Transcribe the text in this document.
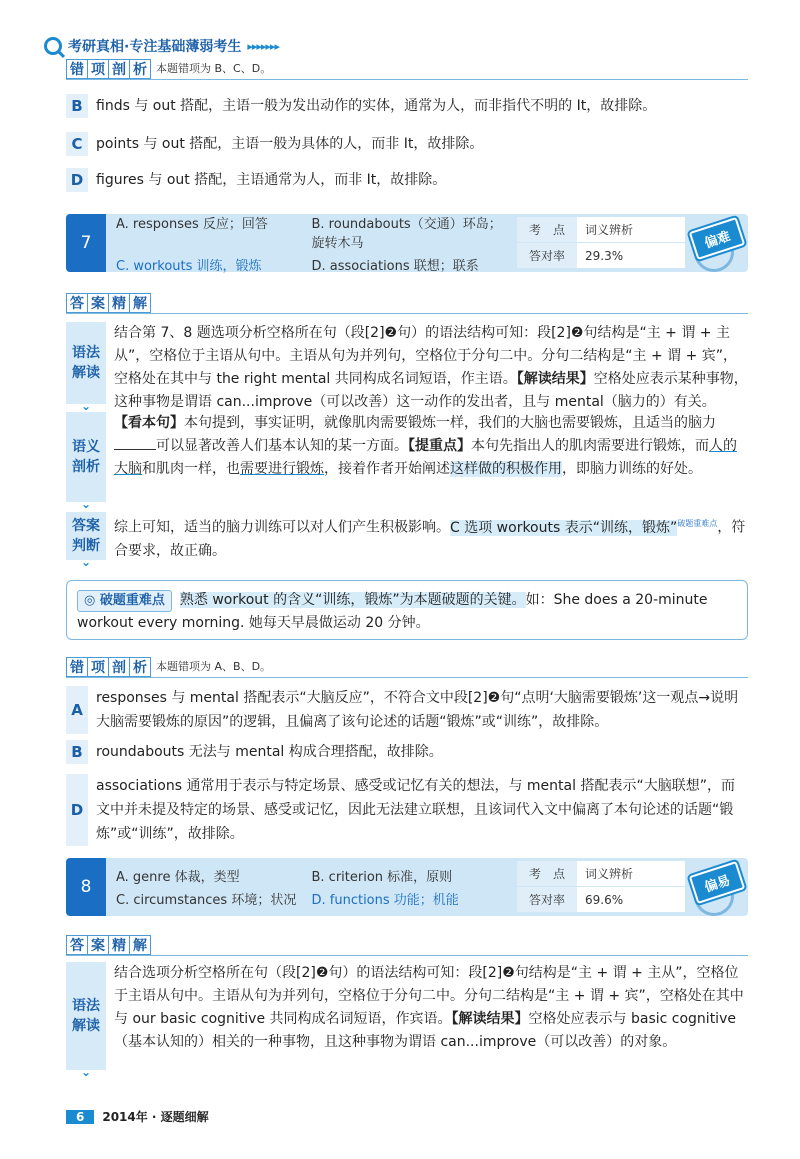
考研真相·专注基础薄弱考生 ▸▸▸▸▸▸▸
错 项 剖 析 本题错项为 B、C、D。
B finds 与 out 搭配，主语一般为发出动作的实体，通常为人，而非指代不明的 It，故排除。
C points 与 out 搭配，主语一般为具体的人，而非 It，故排除。
D figures 与 out 搭配，主语通常为人，而非 It，故排除。
7
A. responses 反应；回答	B. roundabouts（交通）环岛；旋转木马
C. workouts 训练，锻炼	D. associations 联想；联系
考　点	词义辨析
答对率	29.3%
偏难
答 案 精 解
语法
解读
⌄
结合第 7、8 题选项分析空格所在句（段[2]❷句）的语法结构可知：段[2]❷句结构是“主 + 谓 + 主从”，空格位于主语从句中。主语从句为并列句，空格位于分句二中。分句二结构是“主 + 谓 + 宾”，空格处在其中与 the right mental 共同构成名词短语，作主语。【解读结果】空格处应表示某种事物，这种事物是谓语 can...improve（可以改善）这一动作的发出者，且与 mental（脑力的）有关。
语义
剖析
⌄
【看本句】本句提到，事实证明，就像肌肉需要锻炼一样，我们的大脑也需要锻炼，且适当的脑力可以显著改善人们基本认知的某一方面。【提重点】本句先指出人的肌肉需要进行锻炼，而人的大脑和肌肉一样，也需要进行锻炼，接着作者开始阐述这样做的积极作用，即脑力训练的好处。
答案
判断
⌄
综上可知，适当的脑力训练可以对人们产生积极影响。C 选项 workouts 表示“训练，锻炼”$^{破题重难点}$，符合要求，故正确。
◎ 破题重难点 熟悉 workout 的含义“训练，锻炼”为本题破题的关键。如：She does a 20-minute workout every morning. 她每天早晨做运动 20 分钟。
错 项 剖 析 本题错项为 A、B、D。
A
responses 与 mental 搭配表示“大脑反应”，不符合文中段[2]❷句“点明‘大脑需要锻炼’这一观点→说明大脑需要锻炼的原因”的逻辑，且偏离了该句论述的话题“锻炼”或“训练”，故排除。
B roundabouts 无法与 mental 构成合理搭配，故排除。
D
associations 通常用于表示与特定场景、感受或记忆有关的想法，与 mental 搭配表示“大脑联想”，而文中并未提及特定的场景、感受或记忆，因此无法建立联想，且该词代入文中偏离了本句论述的话题“锻炼”或“训练”，故排除。
8	A. genre 体裁，类型	B. criterion 标准，原则
C. circumstances 环境；状况	D. functions 功能；机能
考　点	词义辨析
答对率	69.6%
偏易
答 案 精 解
语法
解读
⌄
结合选项分析空格所在句（段[2]❷句）的语法结构可知：段[2]❷句结构是“主 + 谓 + 主从”，空格位于主语从句中。主语从句为并列句，空格位于分句二中。分句二结构是“主 + 谓 + 宾”，空格处在其中与 our basic cognitive 共同构成名词短语，作宾语。【解读结果】空格处应表示与 basic cognitive（基本认知的）相关的一种事物，且这种事物为谓语 can...improve（可以改善）的对象。
6	2014年 · 逐题细解
